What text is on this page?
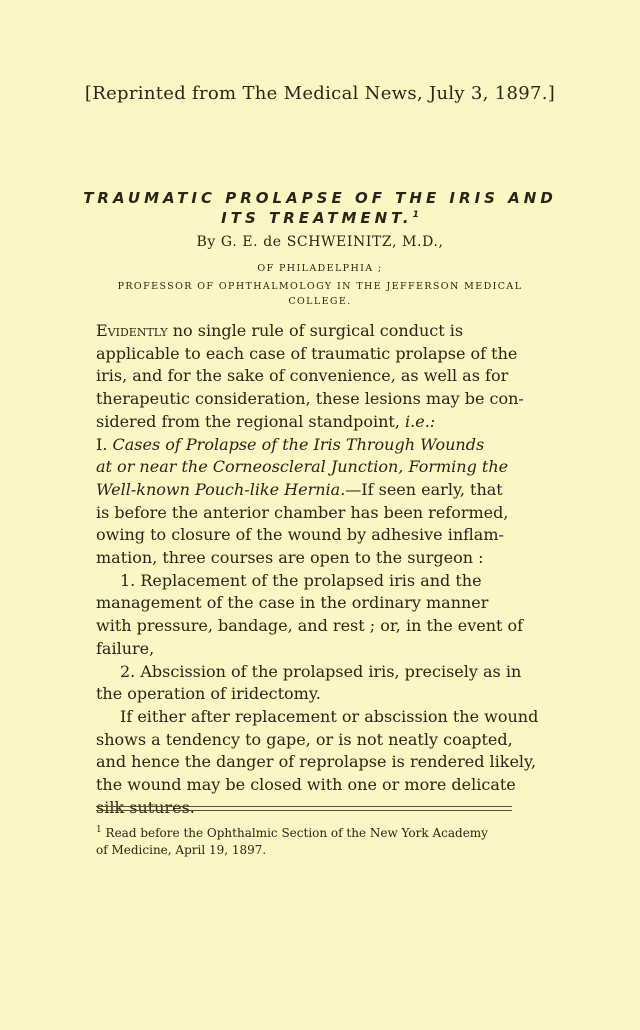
[Reprinted from The Medical News, July 3, 1897.]
TRAUMATIC PROLAPSE OF THE IRIS AND
ITS TREATMENT.$^1$
By G. E. de SCHWEINITZ, M.D.,
OF PHILADELPHIA ;
PROFESSOR OF OPHTHALMOLOGY IN THE JEFFERSON MEDICAL
COLLEGE.
Evidently no single rule of surgical conduct is
applicable to each case of traumatic prolapse of the
iris, and for the sake of convenience, as well as for
therapeutic consideration, these lesions may be con-
sidered from the regional standpoint, i.e.:
I. Cases of Prolapse of the Iris Through Wounds
at or near the Corneoscleral Junction, Forming the
Well-known Pouch-like Hernia.—If seen early, that
is before the anterior chamber has been reformed,
owing to closure of the wound by adhesive inflam-
mation, three courses are open to the surgeon :
1. Replacement of the prolapsed iris and the
management of the case in the ordinary manner
with pressure, bandage, and rest ; or, in the event of
failure,
2. Abscission of the prolapsed iris, precisely as in
the operation of iridectomy.
If either after replacement or abscission the wound
shows a tendency to gape, or is not neatly coapted,
and hence the danger of reprolapse is rendered likely,
the wound may be closed with one or more delicate
silk sutures.
$^1$ Read before the Ophthalmic Section of the New York Academy
of Medicine, April 19, 1897.
